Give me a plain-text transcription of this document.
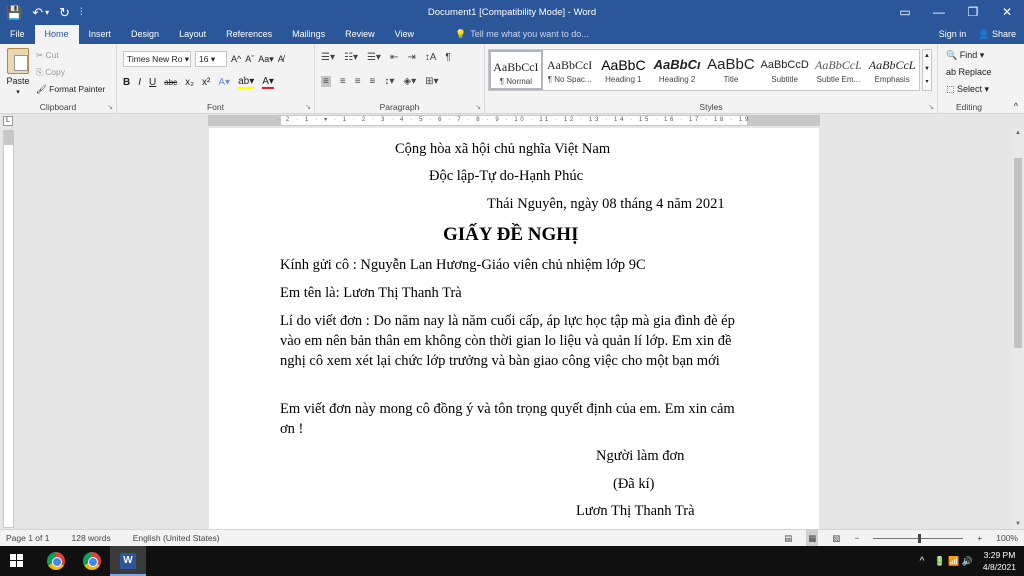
💾 ↶ ▾ ↻ ⫶	Document1 [Compatibility Mode] - Word	▭	—	❐	✕
File	Home	Insert	Design	Layout	References	Mailings	Review	View	💡 Tell me what you want to do...	Sign in 👤 Share
Paste
▾
✂ Cut
⎘ Copy
🖌 Format Painter
Clipboard	↘
Times New Ro ▾	16 ▾	A^ Aˇ Aa▾ A̸
B I U abc x₂ x² A▾ ab▾ A▾
Font	↘
☰▾ ☷▾ ☰▾ ⇤ ⇥ ↕A ¶
≡ ≡ ≡ ≡ ↕▾ ◈▾ ⊞▾
Paragraph	↘
AaBbCcI
¶ Normal
AaBbCcI
¶ No Spac...
AaBbC
Heading 1
AaBbCı
Heading 2
AaBbC
Title
AaBbCcD
Subtitle
AaBbCcL
Subtle Em...
AaBbCcL
Emphasis
▲
▼
▾
Styles	↘
🔍 Find ▾
ab Replace
⬚ Select ▾
Editing	^
L	· 2 · 1 · ▾ · 1 · 2 · 3 · 4 · 5 · 6 · 7 · 8 · 9 · 10 · 11 · 12 · 13 · 14 · 15 · 16 · 17 · 18 · 19

Cộng hòa xã hội chủ nghĩa Việt Nam

Độc lập-Tự do-Hạnh Phúc

Thái Nguyên, ngày 08 tháng 4 năm 2021

GIẤY ĐỀ NGHỊ

Kính gửi cô : Nguyễn Lan Hương-Giáo viên chủ nhiệm lớp 9C

Em tên là: Lươn Thị Thanh Trà

Lí do viết đơn : Do năm nay là năm cuối cấp, áp lực học tập mà gia đình đè ép vào em nên bản thân em không còn thời gian lo liệu và quản lí lớp. Em xin đề nghị cô xem xét lại chức lớp trưởng và bàn giao công việc cho một bạn mới

Em viết đơn này mong cô đồng ý và tôn trọng quyết định của em. Em xin cảm ơn !

Người làm đơn

(Đã kí)

Lươn Thị Thanh Trà

▲
▼
Page 1 of 1	128 words	English (United States)	▤ ▦ ▧ −	+ 100%
W	^ 🔋 📶 🔊
3:29 PM
4/8/2021
